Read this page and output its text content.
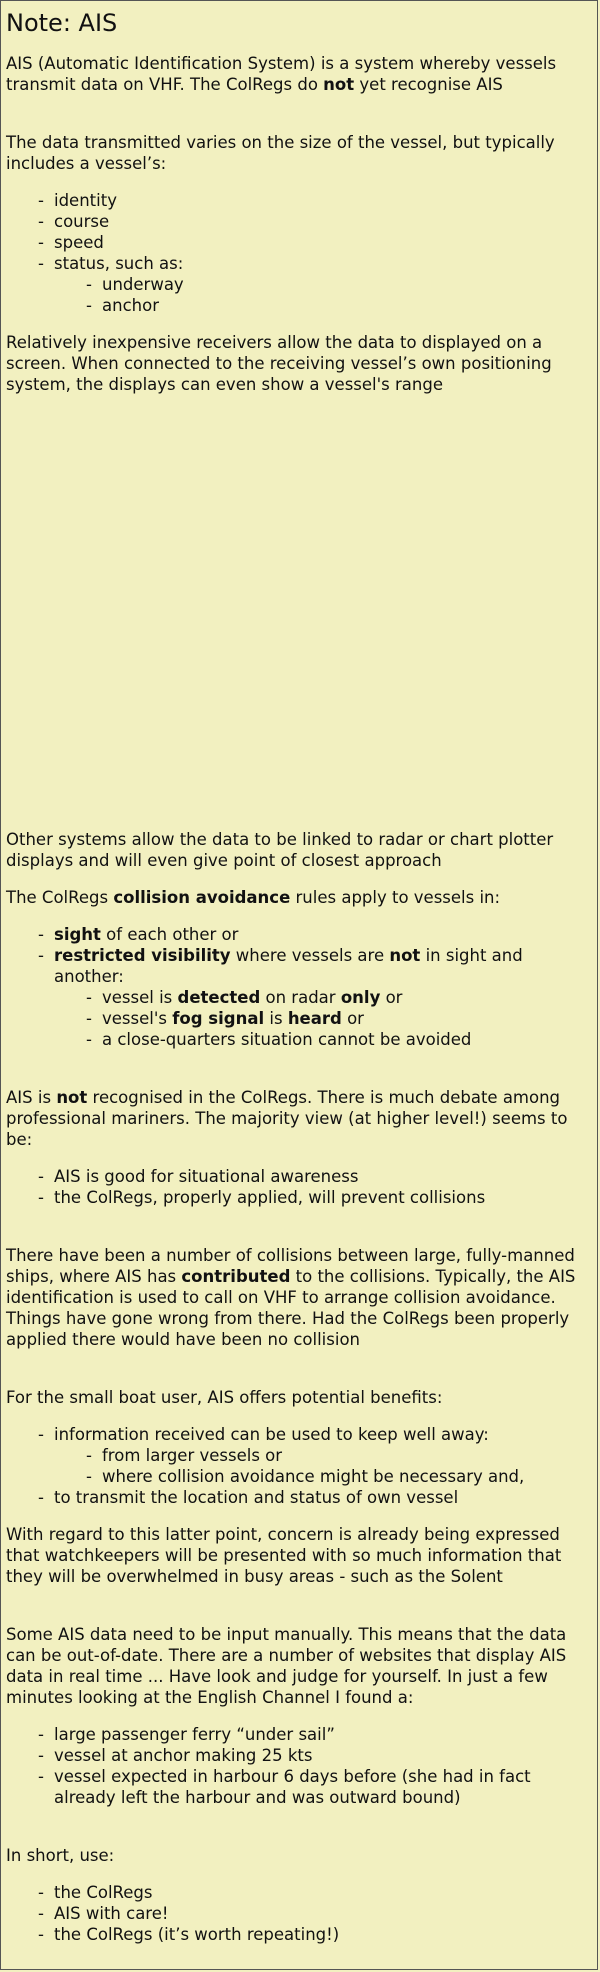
Note: AIS

AIS (Automatic Identification System) is a system whereby vessels transmit data on VHF. The ColRegs do not yet recognise AIS

The data transmitted varies on the size of the vessel, but typically includes a vessel’s:

- identity
- course
- speed
- status, such as:
- underway
- anchor

Relatively inexpensive receivers allow the data to displayed on a screen. When connected to the receiving vessel’s own positioning system, the displays can even show a vessel's range

Other systems allow the data to be linked to radar or chart plotter displays and will even give point of closest approach

The ColRegs collision avoidance rules apply to vessels in:

- sight of each other or
- restricted visibility where vessels are not in sight and another:
- vessel is detected on radar only or
- vessel's fog signal is heard or
- a close-quarters situation cannot be avoided

AIS is not recognised in the ColRegs. There is much debate among professional mariners. The majority view (at higher level!) seems to be:

- AIS is good for situational awareness
- the ColRegs, properly applied, will prevent collisions

There have been a number of collisions between large, fully-manned ships, where AIS has contributed to the collisions. Typically, the AIS identification is used to call on VHF to arrange collision avoidance. Things have gone wrong from there. Had the ColRegs been properly applied there would have been no collision

For the small boat user, AIS offers potential benefits:

- information received can be used to keep well away:
- from larger vessels or
- where collision avoidance might be necessary and,
- to transmit the location and status of own vessel

With regard to this latter point, concern is already being expressed that watchkeepers will be presented with so much information that they will be overwhelmed in busy areas - such as the Solent

Some AIS data need to be input manually. This means that the data can be out-of-date. There are a number of websites that display AIS data in real time ... Have look and judge for yourself. In just a few minutes looking at the English Channel I found a:

- large passenger ferry “under sail”
- vessel at anchor making 25 kts
- vessel expected in harbour 6 days before (she had in fact already left the harbour and was outward bound)

In short, use:

- the ColRegs
- AIS with care!
- the ColRegs (it’s worth repeating!)
